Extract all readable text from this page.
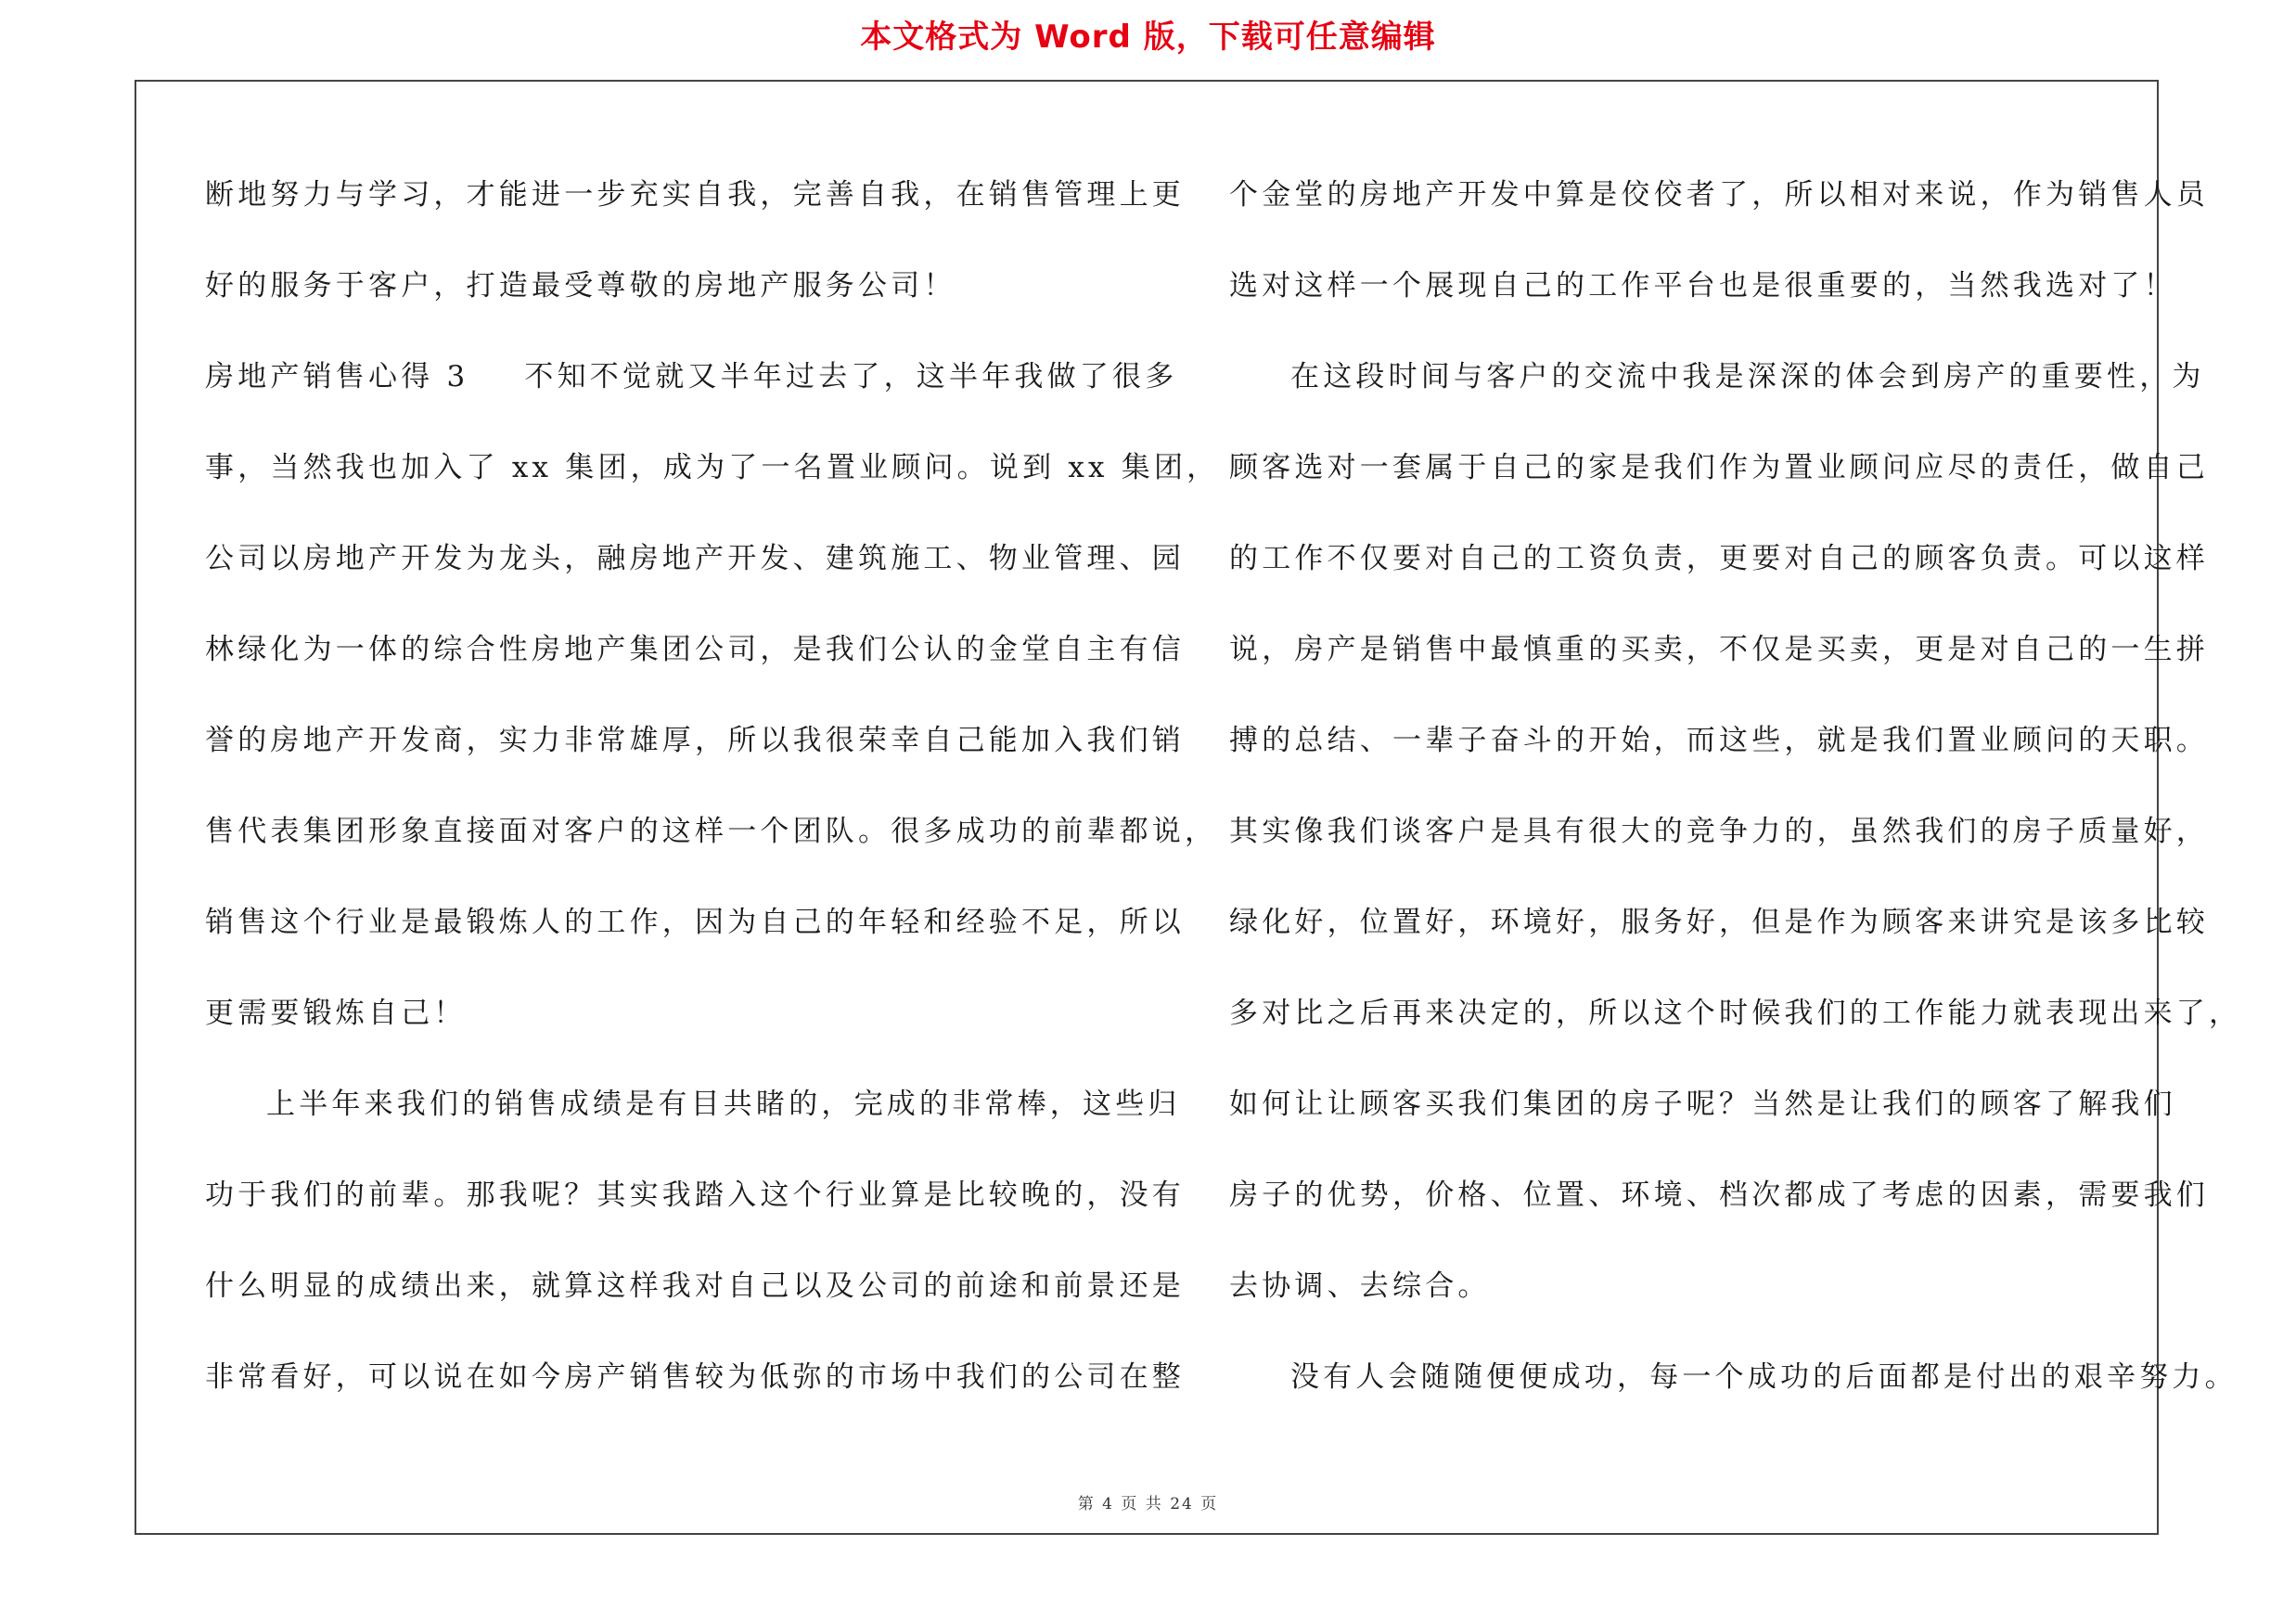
本文格式为 Word 版，下载可任意编辑
断地努力与学习，才能进一步充实自我，完善自我，在销售管理上更
好的服务于客户，打造最受尊敬的房地产服务公司！
房地产销售心得 3 不知不觉就又半年过去了，这半年我做了很多
事，当然我也加入了 xx 集团，成为了一名置业顾问。说到 xx 集团，
公司以房地产开发为龙头，融房地产开发、建筑施工、物业管理、园
林绿化为一体的综合性房地产集团公司，是我们公认的金堂自主有信
誉的房地产开发商，实力非常雄厚，所以我很荣幸自己能加入我们销
售代表集团形象直接面对客户的这样一个团队。很多成功的前辈都说，
销售这个行业是最锻炼人的工作，因为自己的年轻和经验不足，所以
更需要锻炼自己！
上半年来我们的销售成绩是有目共睹的，完成的非常棒，这些归
功于我们的前辈。那我呢？其实我踏入这个行业算是比较晚的，没有
什么明显的成绩出来，就算这样我对自己以及公司的前途和前景还是
非常看好，可以说在如今房产销售较为低弥的市场中我们的公司在整
个金堂的房地产开发中算是佼佼者了，所以相对来说，作为销售人员
选对这样一个展现自己的工作平台也是很重要的，当然我选对了！
在这段时间与客户的交流中我是深深的体会到房产的重要性，为
顾客选对一套属于自己的家是我们作为置业顾问应尽的责任，做自己
的工作不仅要对自己的工资负责，更要对自己的顾客负责。可以这样
说，房产是销售中最慎重的买卖，不仅是买卖，更是对自己的一生拼
搏的总结、一辈子奋斗的开始，而这些，就是我们置业顾问的天职。
其实像我们谈客户是具有很大的竞争力的，虽然我们的房子质量好，
绿化好，位置好，环境好，服务好，但是作为顾客来讲究是该多比较
多对比之后再来决定的，所以这个时候我们的工作能力就表现出来了，
如何让让顾客买我们集团的房子呢？当然是让我们的顾客了解我们
房子的优势，价格、位置、环境、档次都成了考虑的因素，需要我们
去协调、去综合。
没有人会随随便便成功，每一个成功的后面都是付出的艰辛努力。
第 4 页 共 24 页
